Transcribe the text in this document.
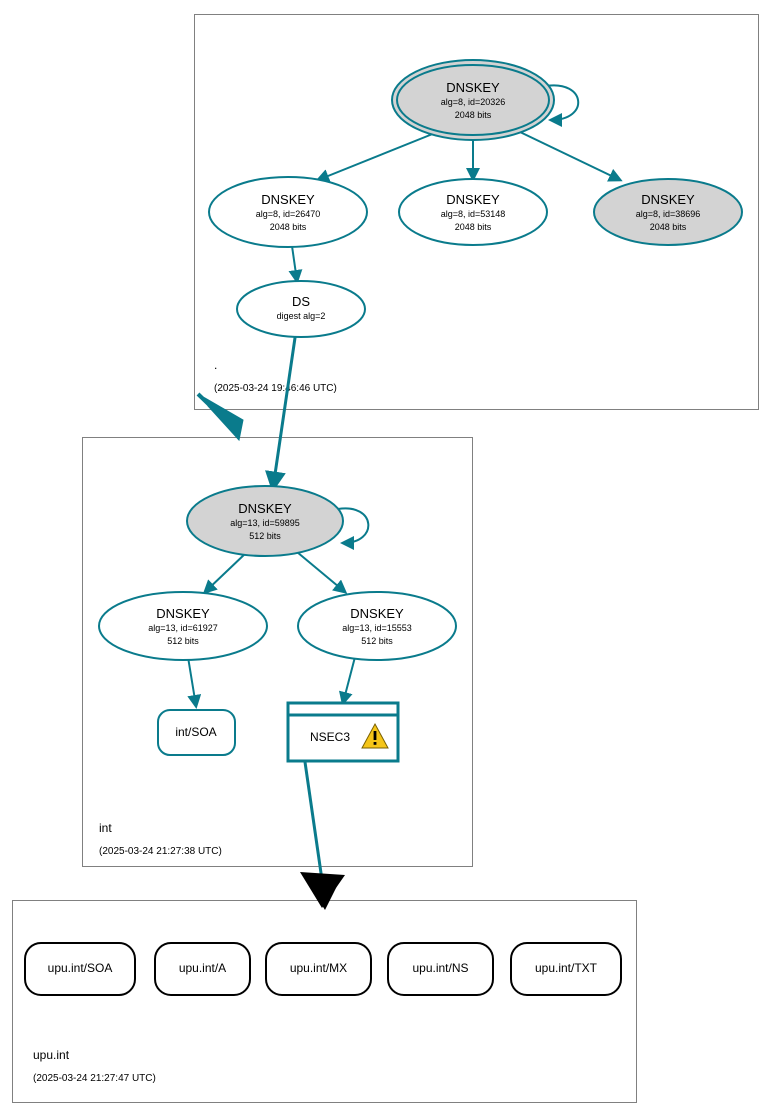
.
(2025-03-24 19:46:46 UTC)
int
(2025-03-24 21:27:38 UTC)
upu.int
(2025-03-24 21:27:47 UTC)
DNSKEY
alg=8, id=20326
2048 bits
DNSKEY
alg=8, id=26470
2048 bits
DNSKEY
alg=8, id=53148
2048 bits
DNSKEY
alg=8, id=38696
2048 bits
DS
digest alg=2
DNSKEY
alg=13, id=59895
512 bits
DNSKEY
alg=13, id=61927
512 bits
DNSKEY
alg=13, id=15553
512 bits
int/SOA	NSEC3
upu.int/SOA	upu.int/A	upu.int/MX	upu.int/NS	upu.int/TXT
